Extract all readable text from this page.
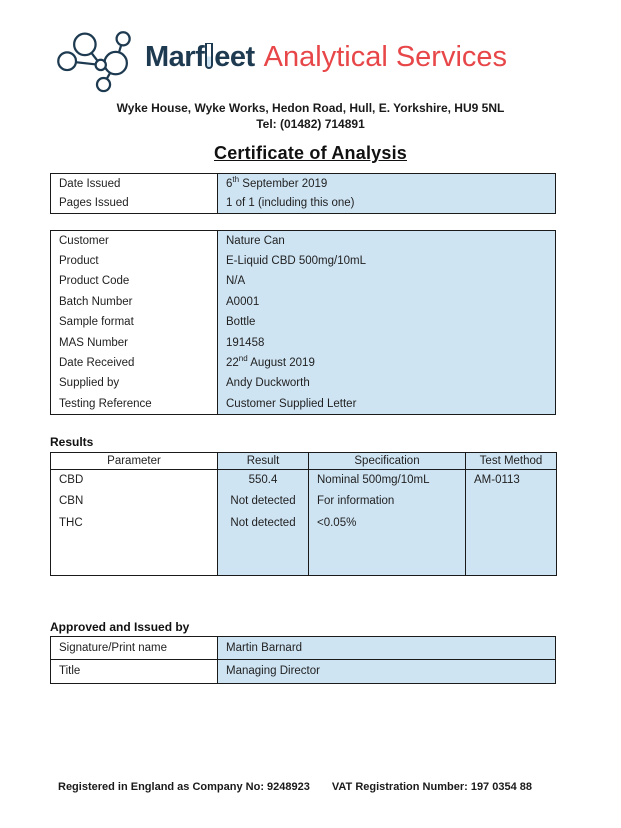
Marf eet Analytical Services
Wyke House, Wyke Works, Hedon Road, Hull, E. Yorkshire, HU9 5NL
Tel: (01482) 714891
Certificate of Analysis
Date Issued	6th September 2019
Pages Issued	1 of 1 (including this one)
Customer	Nature Can
Product	E-Liquid CBD 500mg/10mL
Product Code	N/A
Batch Number	A0001
Sample format	Bottle
MAS Number	191458
Date Received	22nd August 2019
Supplied by	Andy Duckworth
Testing Reference	Customer Supplied Letter
Results
Parameter	Result	Specification	Test Method
CBD	550.4	Nominal 500mg/10mL	AM-0113
CBN	Not detected	For information	
THC	Not detected	<0.05%	

Approved and Issued by
Signature/Print name	Martin Barnard
Title	Managing Director
Registered in England as Company No: 9248923 VAT Registration Number: 197 0354 88
